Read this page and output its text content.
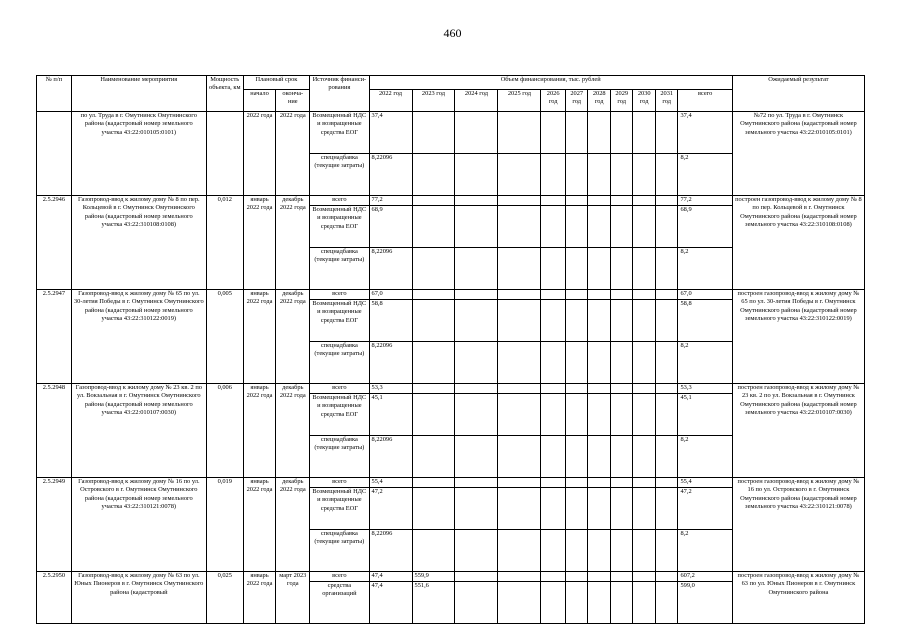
460
№ п/п	Наименование мероприятия	Мощность объекта, км	Плановый срок		Источник финанси-рования	Объем финансирования, тыс. рублей											Ожидаемый результат
			начало	оконча-ние		2022 год	2023 год	2024 год	2025 год	2026 год	2027 год	2028 год	2029 год	2030 год	2031 год	всего	
	по ул. Труда в г. Омутнинск Омутнинского района (кадастровый номер земельного участка 43:22:010105:0101)		2022 года	2022 года	Возмещенный НДС и возвращенные средства ЕОГ	37,4										37,4	№72 по ул. Труда в г. Омутнинск Омутнинского района (кадастровый номер земельного участка 43:22:010105:0101)
					спецнадбавка (текущие затраты)	8,22096										8,2	
2.5.2946	Газопровод-ввод к жилому дому № 8 по пер. Кольцевой в г. Омутнинск Омутнинского района (кадастровый номер земельного участка 43:22:310108:0108)	0,012	январь 2022 года	декабрь 2022 года	всего	77,2										77,2	построен газопровод-ввод к жилому дому № 8 по пер. Кольцевой в г. Омутнинск Омутнинского района (кадастровый номер земельного участка 43:22:310108:0108)
					Возмещенный НДС и возвращенные средства ЕОГ	68,9										68,9	
					спецнадбавка (текущие затраты)	8,22096										8,2	
2.5.2947	Газопровод-ввод к жилому дому № 65 по ул. 30-летия Победы в г. Омутнинск Омутнинского района (кадастровый номер земельного участка 43:22:310122:0019)	0,005	январь 2022 года	декабрь 2022 года	всего	67,0										67,0	построен газопровод-ввод к жилому дому № 65 по ул. 30-летия Победы в г. Омутнинск Омутнинского района (кадастровый номер земельного участка 43:22:310122:0019)
					Возмещенный НДС и возвращенные средства ЕОГ	58,8										58,8	
					спецнадбавка (текущие затраты)	8,22096										8,2	
2.5.2948	Газопровод-ввод к жилому дому № 23 кв. 2 по ул. Вокзальная в г. Омутнинск Омутнинского района (кадастровый номер земельного участка 43:22:010107:0030)	0,006	январь 2022 года	декабрь 2022 года	всего	53,3										53,3	построен газопровод-ввод к жилому дому № 23 кв. 2 по ул. Вокзальная в г. Омутнинск Омутнинского района (кадастровый номер земельного участка 43:22:010107:0030)
					Возмещенный НДС и возвращенные средства ЕОГ	45,1										45,1	
					спецнадбавка (текущие затраты)	8,22096										8,2	
2.5.2949	Газопровод-ввод к жилому дому № 16 по ул. Островского в г. Омутнинск Омутнинского района (кадастровый номер земельного участка 43:22:310121:0078)	0,019	январь 2022 года	декабрь 2022 года	всего	55,4										55,4	построен газопровод-ввод к жилому дому № 16 по ул. Островского в г. Омутнинск Омутнинского района (кадастровый номер земельного участка 43:22:310121:0078)
					Возмещенный НДС и возвращенные средства ЕОГ	47,2										47,2	
					спецнадбавка (текущие затраты)	8,22096										8,2	
2.5.2950	Газопровод-ввод к жилому дому № 63 по ул. Юных Пионеров в г. Омутнинск Омутнинского района (кадастровый	0,025	январь 2022 года	март 2023 года	всего	47,4	559,9									607,2	построен газопровод-ввод к жилому дому № 63 по ул. Юных Пионеров в г. Омутнинск Омутнинского района
					средства организаций	47,4	551,6									599,0	
